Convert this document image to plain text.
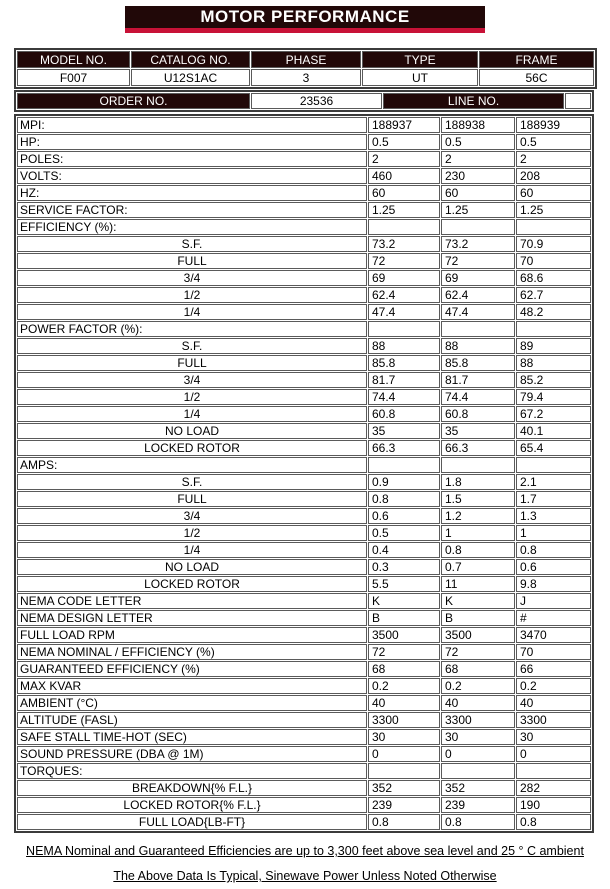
MOTOR PERFORMANCE
MODEL NO.	CATALOG NO.	PHASE	TYPE	FRAME
F007	U12S1AC	3	UT	56C
ORDER NO.	23536	LINE NO.	
MPI:	188937	188938	188939
HP:	0.5	0.5	0.5
POLES:	2	2	2
VOLTS:	460	230	208
HZ:	60	60	60
SERVICE FACTOR:	1.25	1.25	1.25
EFFICIENCY (%):			
S.F.	73.2	73.2	70.9
FULL	72	72	70
3/4	69	69	68.6
1/2	62.4	62.4	62.7
1/4	47.4	47.4	48.2
POWER FACTOR (%):			
S.F.	88	88	89
FULL	85.8	85.8	88
3/4	81.7	81.7	85.2
1/2	74.4	74.4	79.4
1/4	60.8	60.8	67.2
NO LOAD	35	35	40.1
LOCKED ROTOR	66.3	66.3	65.4
AMPS:			
S.F.	0.9	1.8	2.1
FULL	0.8	1.5	1.7
3/4	0.6	1.2	1.3
1/2	0.5	1	1
1/4	0.4	0.8	0.8
NO LOAD	0.3	0.7	0.6
LOCKED ROTOR	5.5	11	9.8
NEMA CODE LETTER	K	K	J
NEMA DESIGN LETTER	B	B	#
FULL LOAD RPM	3500	3500	3470
NEMA NOMINAL / EFFICIENCY (%)	72	72	70
GUARANTEED EFFICIENCY (%)	68	68	66
MAX KVAR	0.2	0.2	0.2
AMBIENT (°C)	40	40	40
ALTITUDE (FASL)	3300	3300	3300
SAFE STALL TIME-HOT (SEC)	30	30	30
SOUND PRESSURE (DBA @ 1M)	0	0	0
TORQUES:			
BREAKDOWN{% F.L.}	352	352	282
LOCKED ROTOR{% F.L.}	239	239	190
FULL LOAD{LB-FT}	0.8	0.8	0.8
NEMA Nominal and Guaranteed Efficiencies are up to 3,300 feet above sea level and 25 ° C ambient
The Above Data Is Typical, Sinewave Power Unless Noted Otherwise
